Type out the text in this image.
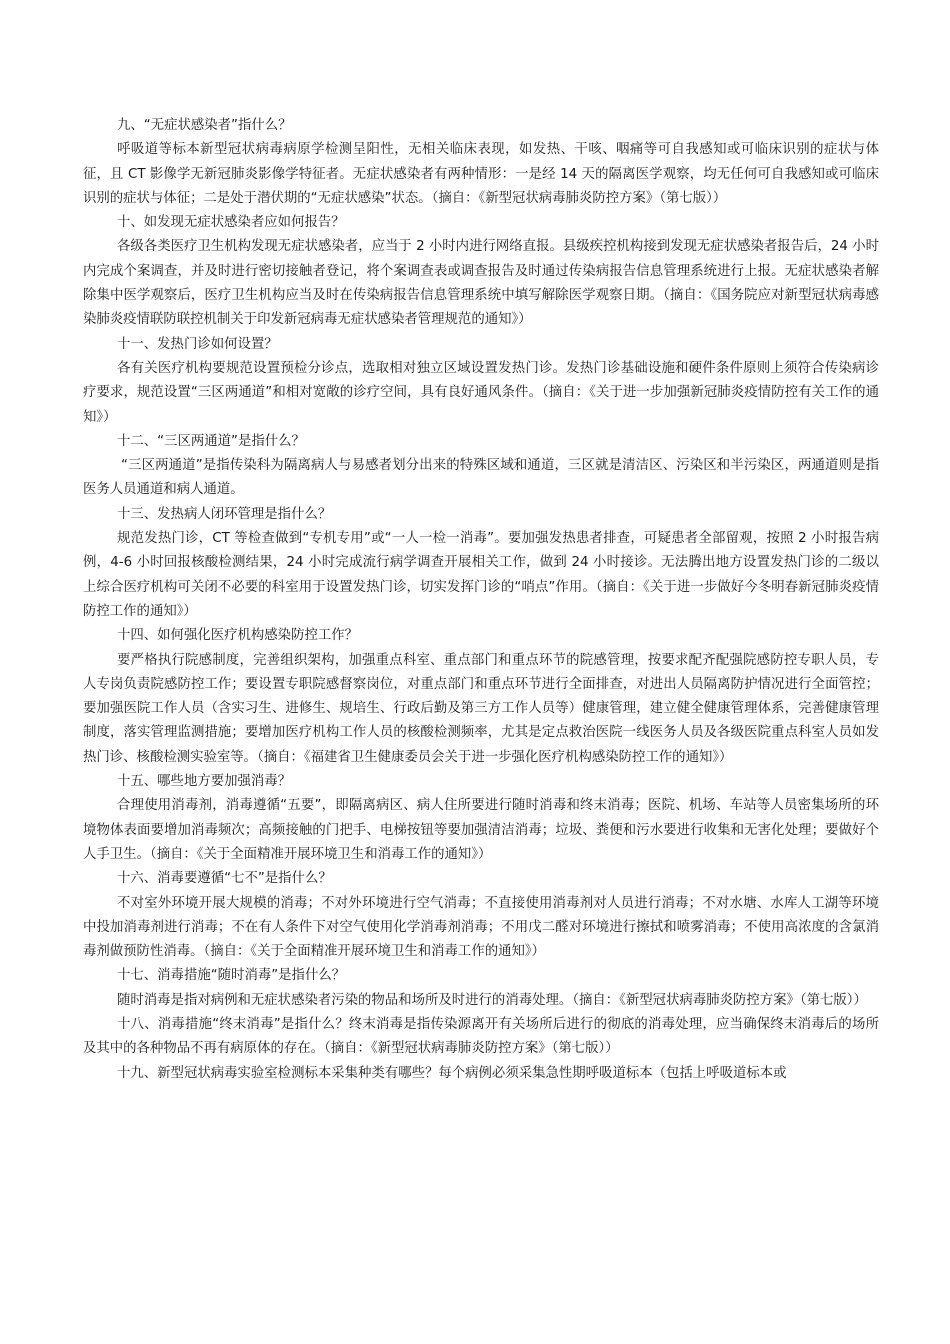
九、“无症状感染者”指什么？

呼吸道等标本新型冠状病毒病原学检测呈阳性，无相关临床表现，如发热、干咳、咽痛等可自我感知或可临床识别的症状与体征，且 CT 影像学无新冠肺炎影像学特征者。无症状感染者有两种情形：一是经 14 天的隔离医学观察，均无任何可自我感知或可临床识别的症状与体征；二是处于潜伏期的“无症状感染”状态。（摘自：《新型冠状病毒肺炎防控方案》（第七版））

十、如发现无症状感染者应如何报告？

各级各类医疗卫生机构发现无症状感染者，应当于 2 小时内进行网络直报。县级疾控机构接到发现无症状感染者报告后，24 小时内完成个案调查，并及时进行密切接触者登记，将个案调查表或调查报告及时通过传染病报告信息管理系统进行上报。无症状感染者解除集中医学观察后，医疗卫生机构应当及时在传染病报告信息管理系统中填写解除医学观察日期。（摘自：《国务院应对新型冠状病毒感染肺炎疫情联防联控机制关于印发新冠病毒无症状感染者管理规范的通知》）

十一、发热门诊如何设置？

各有关医疗机构要规范设置预检分诊点，选取相对独立区域设置发热门诊。发热门诊基础设施和硬件条件原则上须符合传染病诊疗要求，规范设置“三区两通道”和相对宽敞的诊疗空间，具有良好通风条件。（摘自：《关于进一步加强新冠肺炎疫情防控有关工作的通知》）

十二、“三区两通道”是指什么？

“三区两通道”是指传染科为隔离病人与易感者划分出来的特殊区域和通道，三区就是清洁区、污染区和半污染区，两通道则是指医务人员通道和病人通道。

十三、发热病人闭环管理是指什么？

规范发热门诊，CT 等检查做到“专机专用”或“一人一检一消毒”。要加强发热患者排查，可疑患者全部留观，按照 2 小时报告病例，4-6 小时回报核酸检测结果，24 小时完成流行病学调查开展相关工作，做到 24 小时接诊。无法腾出地方设置发热门诊的二级以上综合医疗机构可关闭不必要的科室用于设置发热门诊，切实发挥门诊的“哨点”作用。（摘自：《关于进一步做好今冬明春新冠肺炎疫情防控工作的通知》）

十四、如何强化医疗机构感染防控工作？

要严格执行院感制度，完善组织架构，加强重点科室、重点部门和重点环节的院感管理，按要求配齐配强院感防控专职人员，专人专岗负责院感防控工作；要设置专职院感督察岗位，对重点部门和重点环节进行全面排查，对进出人员隔离防护情况进行全面管控；要加强医院工作人员（含实习生、进修生、规培生、行政后勤及第三方工作人员等）健康管理，建立健全健康管理体系，完善健康管理制度，落实管理监测措施；要增加医疗机构工作人员的核酸检测频率，尤其是定点救治医院一线医务人员及各级医院重点科室人员如发热门诊、核酸检测实验室等。（摘自：《福建省卫生健康委员会关于进一步强化医疗机构感染防控工作的通知》）

十五、哪些地方要加强消毒？

合理使用消毒剂，消毒遵循“五要”，即隔离病区、病人住所要进行随时消毒和终末消毒；医院、机场、车站等人员密集场所的环境物体表面要增加消毒频次；高频接触的门把手、电梯按钮等要加强清洁消毒；垃圾、粪便和污水要进行收集和无害化处理；要做好个人手卫生。（摘自：《关于全面精准开展环境卫生和消毒工作的通知》）

十六、消毒要遵循“七不”是指什么？

不对室外环境开展大规模的消毒；不对外环境进行空气消毒；不直接使用消毒剂对人员进行消毒；不对水塘、水库人工湖等环境中投加消毒剂进行消毒；不在有人条件下对空气使用化学消毒剂消毒；不用戊二醛对环境进行擦拭和喷雾消毒；不使用高浓度的含氯消毒剂做预防性消毒。（摘自：《关于全面精准开展环境卫生和消毒工作的通知》）

十七、消毒措施“随时消毒”是指什么？

随时消毒是指对病例和无症状感染者污染的物品和场所及时进行的消毒处理。（摘自：《新型冠状病毒肺炎防控方案》（第七版））

十八、消毒措施“终末消毒”是指什么？终末消毒是指传染源离开有关场所后进行的彻底的消毒处理，应当确保终末消毒后的场所及其中的各种物品不再有病原体的存在。（摘自：《新型冠状病毒肺炎防控方案》（第七版））

十九、新型冠状病毒实验室检测标本采集种类有哪些？每个病例必须采集急性期呼吸道标本（包括上呼吸道标本或
